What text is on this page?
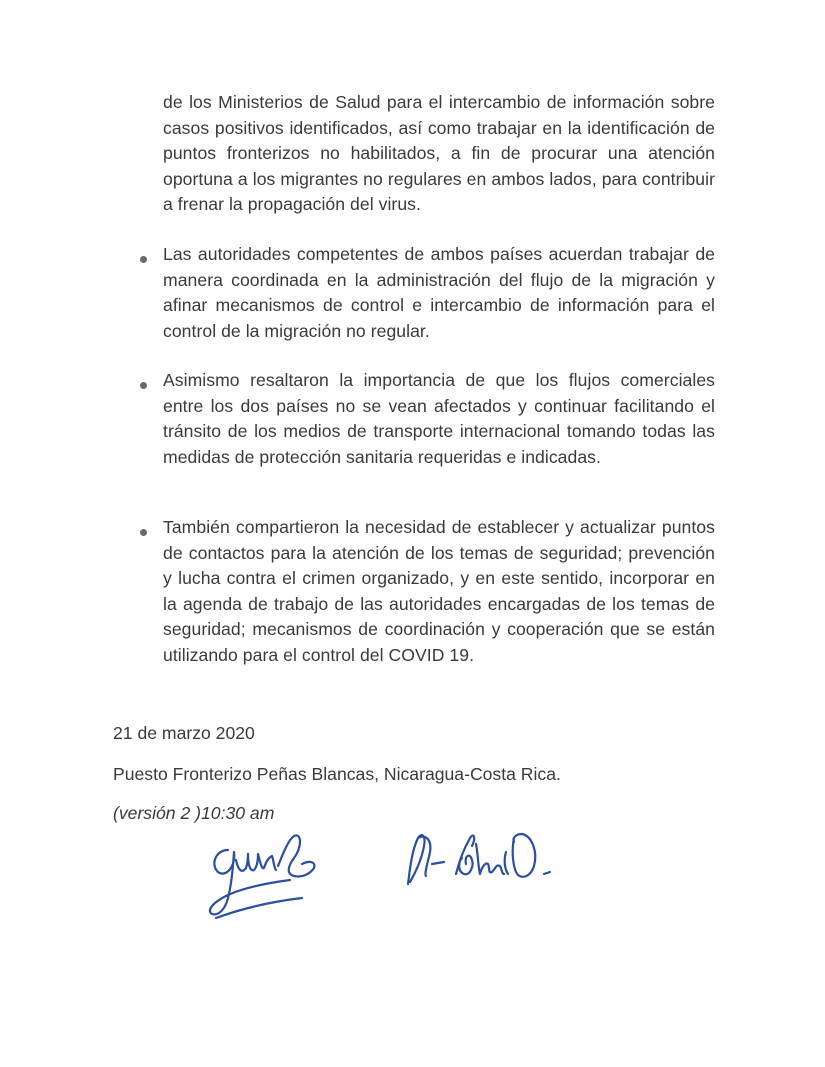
de los Ministerios de Salud para el intercambio de información sobre casos positivos identificados, así como trabajar en la identificación de puntos fronterizos no habilitados, a fin de procurar una atención oportuna a los migrantes no regulares en ambos lados, para contribuir a frenar la propagación del virus.

Las autoridades competentes de ambos países acuerdan trabajar de manera coordinada en la administración del flujo de la migración y afinar mecanismos de control e intercambio de información para el control de la migración no regular.

Asimismo resaltaron la importancia de que los flujos comerciales entre los dos países no se vean afectados y continuar facilitando el tránsito de los medios de transporte internacional tomando todas las medidas de protección sanitaria requeridas e indicadas.

También compartieron la necesidad de establecer y actualizar puntos de contactos para la atención de los temas de seguridad; prevención y lucha contra el crimen organizado, y en este sentido, incorporar en la agenda de trabajo de las autoridades encargadas de los temas de seguridad; mecanismos de coordinación y cooperación que se están utilizando para el control del COVID 19.

21 de marzo 2020
Puesto Fronterizo Peñas Blancas, Nicaragua-Costa Rica.
(versión 2 )10:30 am
